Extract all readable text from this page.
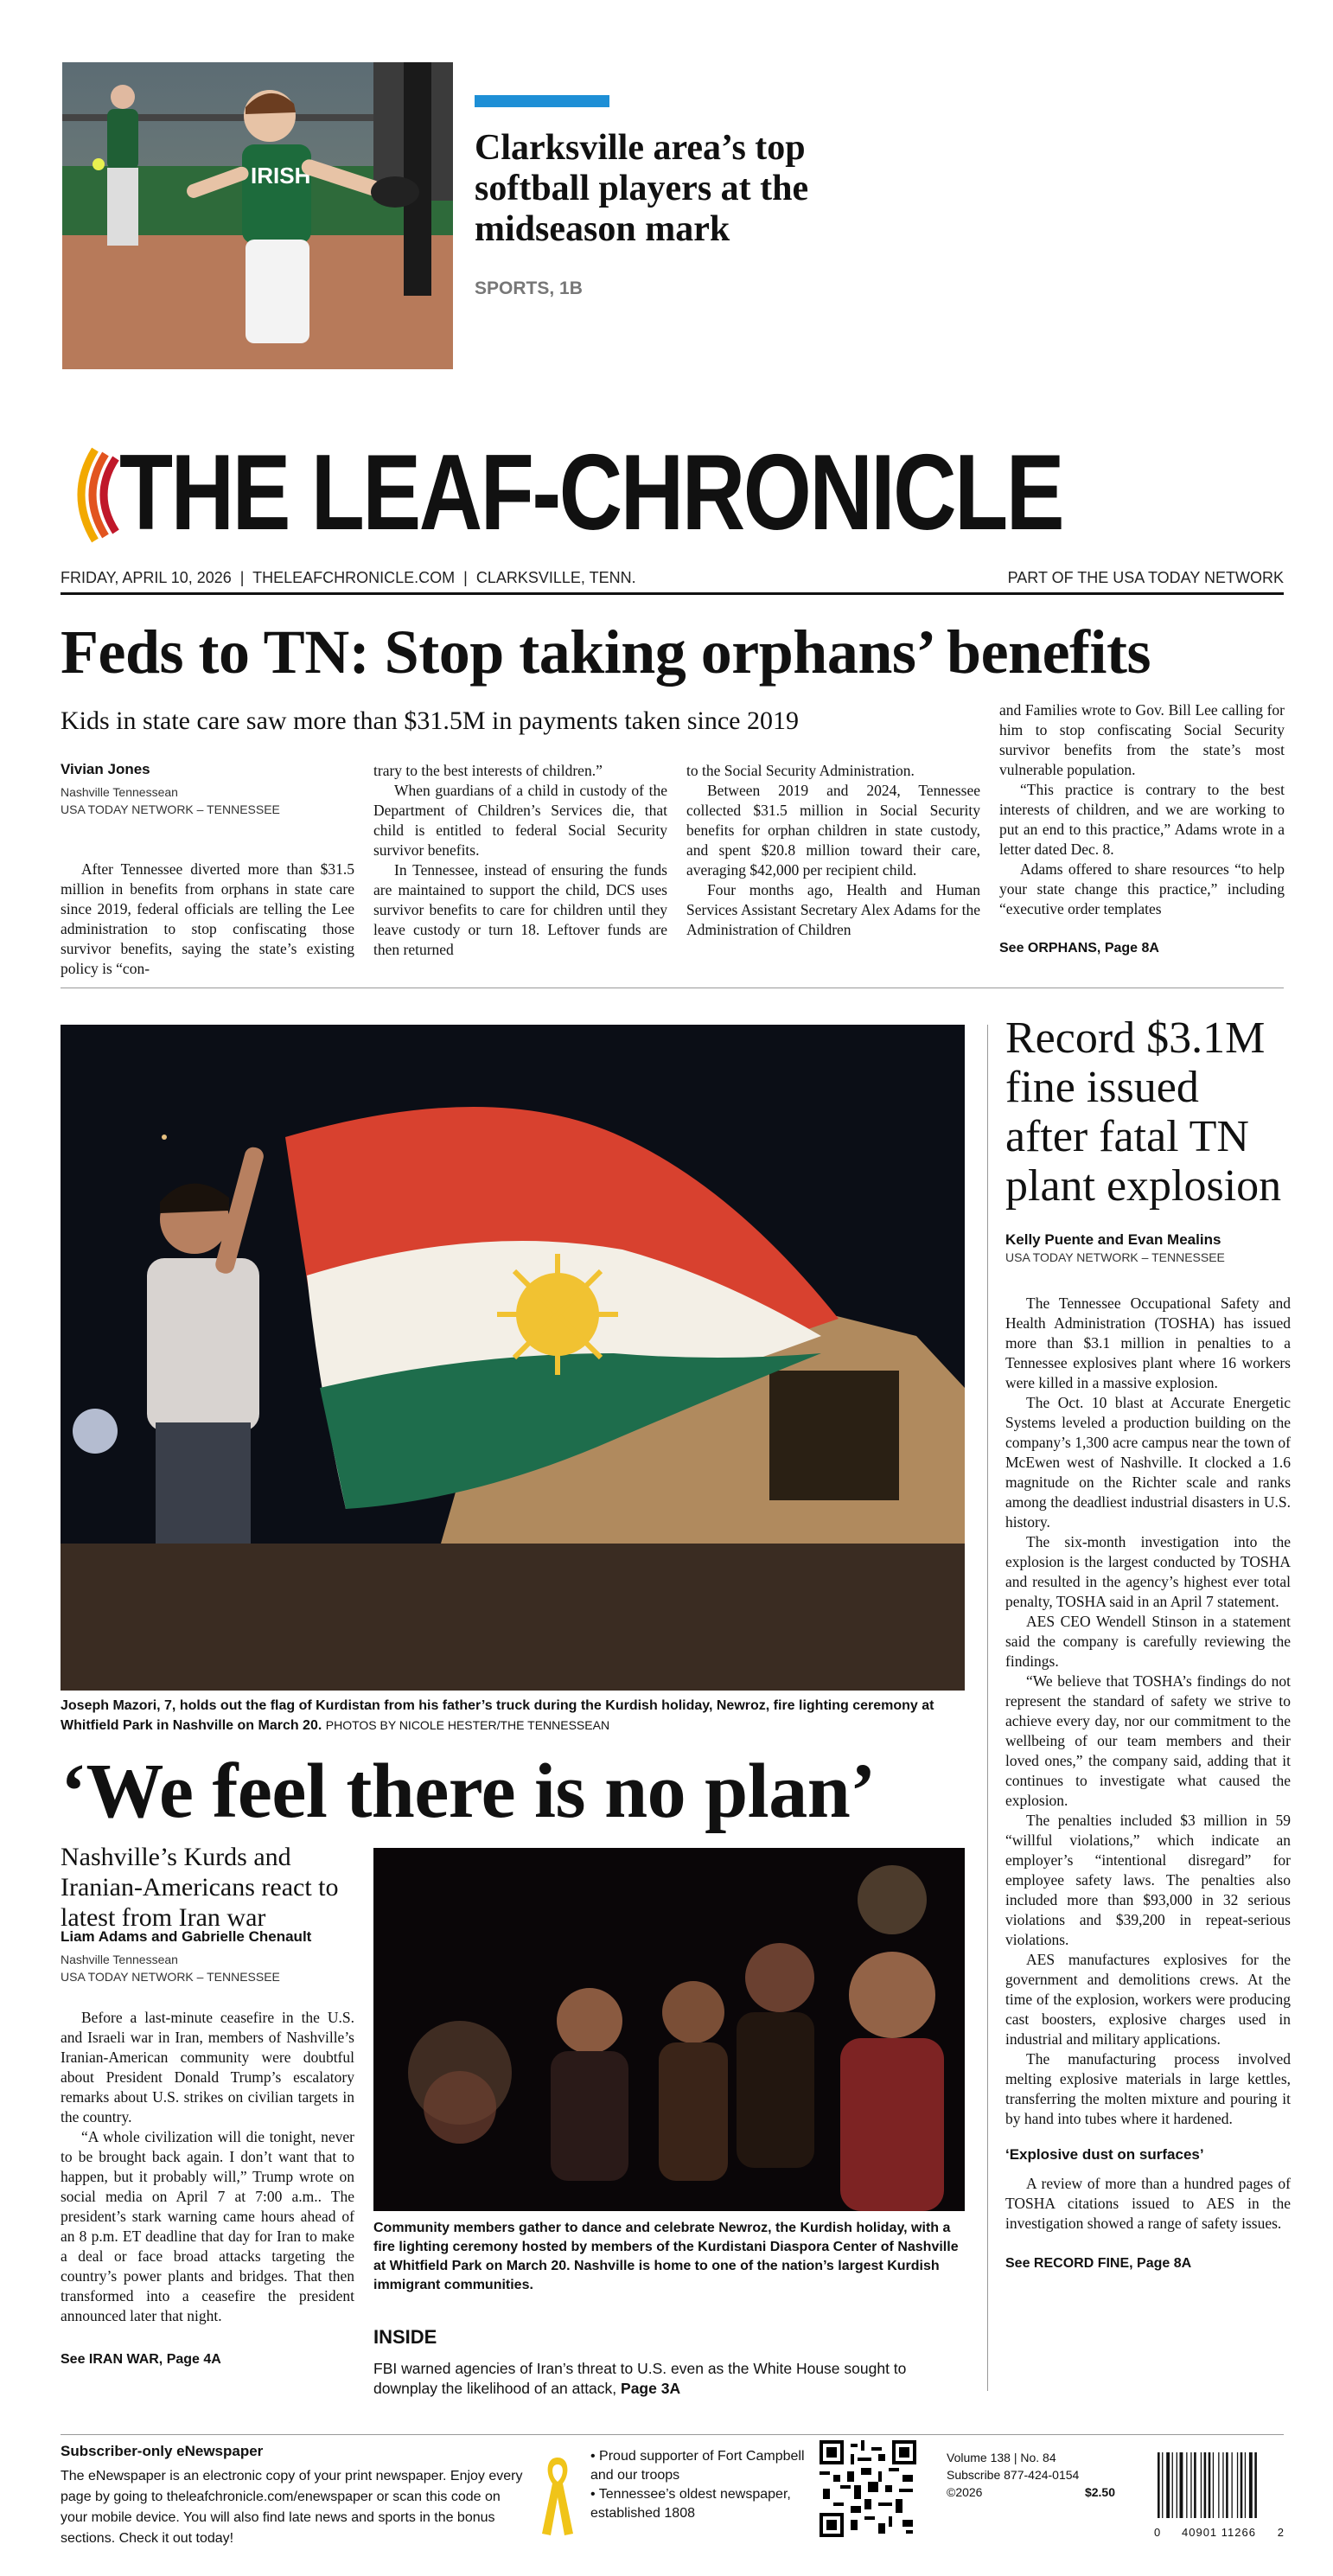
IRISH
Clarksville area’s top softball players at the midseason mark
SPORTS, 1B
THE LEAF-CHRONICLE
FRIDAY, APRIL 10, 2026  |  THELEAFCHRONICLE.COM  |  CLARKSVILLE, TENN.	PART OF THE USA TODAY NETWORK
Feds to TN: Stop taking orphans’ benefits
Kids in state care saw more than $31.5M in payments taken since 2019
Vivian Jones
Nashville Tennessean
USA TODAY NETWORK – TENNESSEE

After Tennessee diverted more than $31.5 million in benefits from orphans in state care since 2019, federal officials are telling the Lee administration to stop confiscating those survivor benefits, saying the state’s existing policy is “con-

trary to the best interests of children.”

When guardians of a child in custody of the Department of Children’s Services die, that child is entitled to federal Social Security survivor benefits.

In Tennessee, instead of ensuring the funds are maintained to support the child, DCS uses survivor benefits to care for children until they leave custody or turn 18. Leftover funds are then returned

to the Social Security Administration.

Between 2019 and 2024, Tennessee collected $31.5 million in Social Security benefits for orphan children in state custody, and spent $20.8 million toward their care, averaging $42,000 per recipient child.

Four months ago, Health and Human Services Assistant Secretary Alex Adams for the Administration of Children

and Families wrote to Gov. Bill Lee calling for him to stop confiscating Social Security survivor benefits from the state’s most vulnerable population.

“This practice is contrary to the best interests of children, and we are working to put an end to this practice,” Adams wrote in a letter dated Dec. 8.

Adams offered to share resources “to help your state change this practice,” including “executive order templates

See ORPHANS, Page 8A
Joseph Mazori, 7, holds out the flag of Kurdistan from his father’s truck during the Kurdish holiday, Newroz, fire lighting ceremony at Whitfield Park in Nashville on March 20. PHOTOS BY NICOLE HESTER/THE TENNESSEAN
‘We feel there is no plan’
Nashville’s Kurds and Iranian-Americans react to latest from Iran war
Liam Adams and Gabrielle Chenault
Nashville Tennessean
USA TODAY NETWORK – TENNESSEE

Before a last-minute ceasefire in the U.S. and Israeli war in Iran, members of Nashville’s Iranian-American community were doubtful about President Donald Trump’s escalatory remarks about U.S. strikes on civilian targets in the country.

“A whole civilization will die tonight, never to be brought back again. I don’t want that to happen, but it probably will,” Trump wrote on social media on April 7 at 7:00 a.m.. The president’s stark warning came hours ahead of an 8 p.m. ET deadline that day for Iran to make a deal or face broad attacks targeting the country’s power plants and bridges. That then transformed into a ceasefire the president announced later that night.

See IRAN WAR, Page 4A
Community members gather to dance and celebrate Newroz, the Kurdish holiday, with a fire lighting ceremony hosted by members of the Kurdistani Diaspora Center of Nashville at Whitfield Park on March 20. Nashville is home to one of the nation’s largest Kurdish immigrant communities.
INSIDE
FBI warned agencies of Iran’s threat to U.S. even as the White House sought to downplay the likelihood of an attack, Page 3A
Record $3.1M fine issued after fatal TN plant explosion
Kelly Puente and Evan Mealins
USA TODAY NETWORK – TENNESSEE

The Tennessee Occupational Safety and Health Administration (TOSHA) has issued more than $3.1 million in penalties to a Tennessee explosives plant where 16 workers were killed in a massive explosion.

The Oct. 10 blast at Accurate Energetic Systems leveled a production building on the company’s 1,300 acre campus near the town of McEwen west of Nashville. It clocked a 1.6 magnitude on the Richter scale and ranks among the deadliest industrial disasters in U.S. history.

The six-month investigation into the explosion is the largest conducted by TOSHA and resulted in the agency’s highest ever total penalty, TOSHA said in an April 7 statement.

AES CEO Wendell Stinson in a statement said the company is carefully reviewing the findings.

“We believe that TOSHA’s findings do not represent the standard of safety we strive to achieve every day, nor our commitment to the wellbeing of our team members and their loved ones,” the company said, adding that it continues to investigate what caused the explosion.

The penalties included $3 million in 59 “willful violations,” which indicate an employer’s “intentional disregard” for employee safety laws. The penalties also included more than $93,000 in 32 serious violations and $39,200 in repeat-serious violations.

AES manufactures explosives for the government and demolitions crews. At the time of the explosion, workers were producing cast boosters, explosive charges used in industrial and military applications.

The manufacturing process involved melting explosive materials in large kettles, transferring the molten mixture and pouring it by hand into tubes where it hardened.

‘Explosive dust on surfaces’

A review of more than a hundred pages of TOSHA citations issued to AES in the investigation showed a range of safety issues.

See RECORD FINE, Page 8A
Subscriber-only eNewspaper
The eNewspaper is an electronic copy of your print newspaper. Enjoy every page by going to theleafchronicle.com/enewspaper or scan this code on your mobile device. You will also find late news and sports in the bonus sections. Check it out today!
• Proud supporter of Fort Campbell and our troops
• Tennessee’s oldest newspaper, established 1808
Volume 138 | No. 84
Subscribe 877-424-0154
©2026	$2.50
0 40901 11266 2
